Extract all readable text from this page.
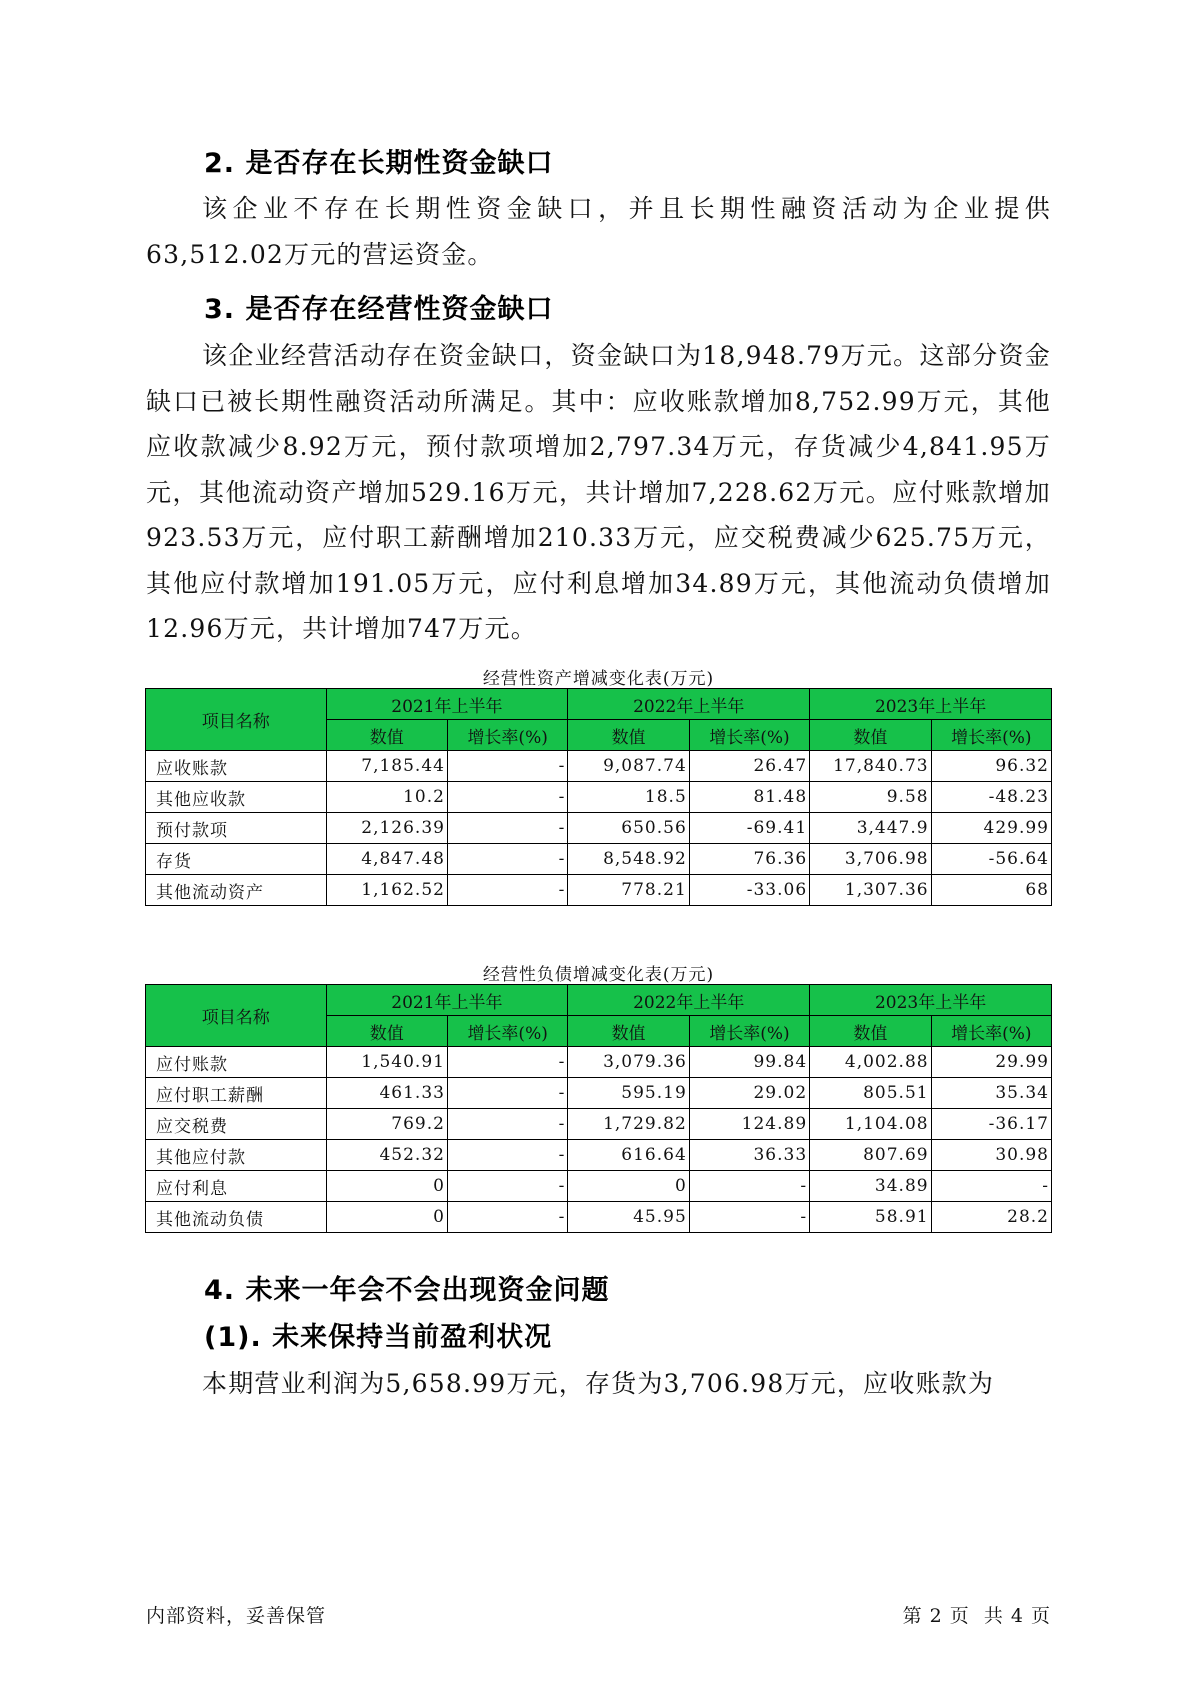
2. 是否存在长期性资金缺口

该企业不存在长期性资金缺口，并且长期性融资活动为企业提供63,512.02万元的营运资金。

3. 是否存在经营性资金缺口

该企业经营活动存在资金缺口，资金缺口为18,948.79万元。这部分资金缺口已被长期性融资活动所满足。其中：应收账款增加8,752.99万元，其他应收款减少8.92万元，预付款项增加2,797.34万元，存货减少4,841.95万元，其他流动资产增加529.16万元，共计增加7,228.62万元。应付账款增加923.53万元，应付职工薪酬增加210.33万元，应交税费减少625.75万元，其他应付款增加191.05万元，应付利息增加34.89万元，其他流动负债增加12.96万元，共计增加747万元。

经营性资产增减变化表(万元)
项目名称	2021年上半年		2022年上半年		2023年上半年	
	数值	增长率(%)	数值	增长率(%)	数值	增长率(%)
应收账款	7,185.44	-	9,087.74	26.47	17,840.73	96.32
其他应收款	10.2	-	18.5	81.48	9.58	-48.23
预付款项	2,126.39	-	650.56	-69.41	3,447.9	429.99
存货	4,847.48	-	8,548.92	76.36	3,706.98	-56.64
其他流动资产	1,162.52	-	778.21	-33.06	1,307.36	68
经营性负债增减变化表(万元)
项目名称	2021年上半年		2022年上半年		2023年上半年	
	数值	增长率(%)	数值	增长率(%)	数值	增长率(%)
应付账款	1,540.91	-	3,079.36	99.84	4,002.88	29.99
应付职工薪酬	461.33	-	595.19	29.02	805.51	35.34
应交税费	769.2	-	1,729.82	124.89	1,104.08	-36.17
其他应付款	452.32	-	616.64	36.33	807.69	30.98
应付利息	0	-	0	-	34.89	-
其他流动负债	0	-	45.95	-	58.91	28.2
4. 未来一年会不会出现资金问题
(1). 未来保持当前盈利状况

本期营业利润为5,658.99万元，存货为3,706.98万元，应收账款为

内部资料，妥善保管	第 2 页  共 4 页
